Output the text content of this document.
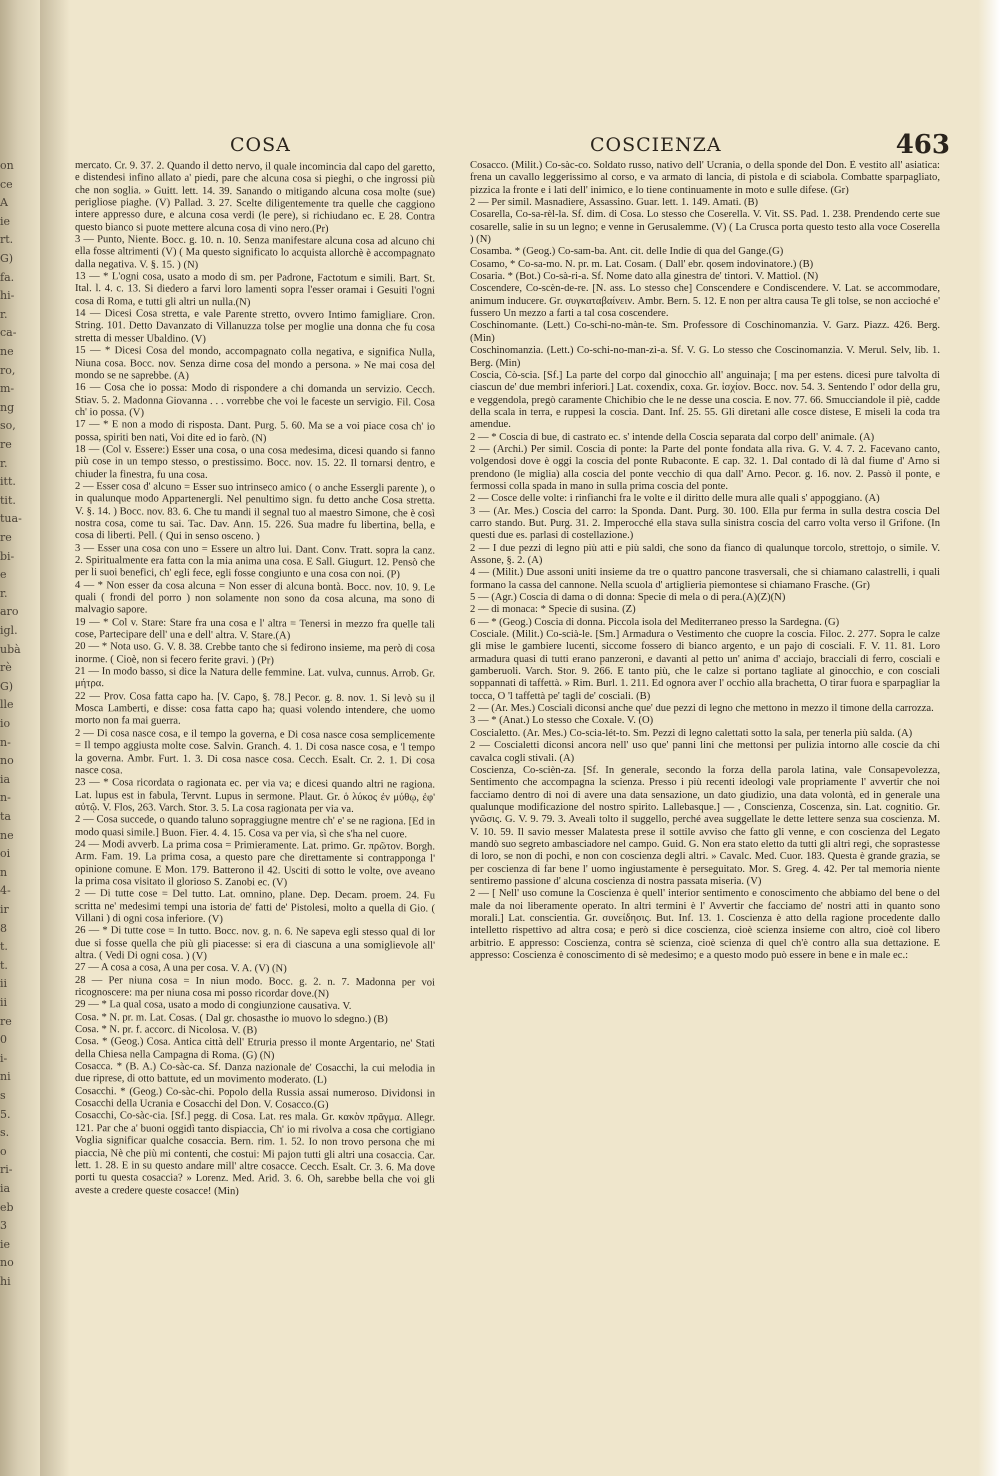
on
ce
A
ie
rt.
G)
fa.
hi-
r.
ca-
ne
ro,
m-
ng
so,
re
r.
itt.
tit.
tua-
re
bi-
e
r.
aro
igl.
ubà
rè
G)
lle
io
n-
no
ia
n-
ta
ne
oi
n
4-
ir
8
t.
t.
ii
ii
re
0
i-
ni
s
5.
s.
o
ri-
ia
eb
3
ie
no
hi
COSA	COSCIENZA	463

mercato. Cr. 9. 37. 2. Quando il detto nervo, il quale incomincia dal capo del garetto, e distendesi infino allato a' piedi, pare che alcuna cosa si pieghi, o che ingrossi più che non soglia. » Guitt. lett. 14. 39. Sanando o mitigando alcuna cosa molte (sue) perigliose piaghe. (V) Pallad. 3. 27. Scelte diligentemente tra quelle che caggiono intere appresso dure, e alcuna cosa verdi (le pere), si richiudano ec. E 28. Contra questo bianco si puote mettere alcuna cosa di vino nero.(Pr)

3 — Punto, Niente. Bocc. g. 10. n. 10. Senza manifestare alcuna cosa ad alcuno chi ella fosse altrimenti (V) ( Ma questo significato lo acquista allorchè è accompagnato dalla negativa. V. §. 15. ) (N)

13 — * L'ogni cosa, usato a modo di sm. per Padrone, Factotum e simili. Bart. St. Ital. l. 4. c. 13. Si diedero a farvi loro lamenti sopra l'esser oramai i Gesuiti l'ogni cosa di Roma, e tutti gli altri un nulla.(N)

14 — Dicesi Cosa stretta, e vale Parente stretto, ovvero Intimo famigliare. Cron. String. 101. Detto Davanzato di Villanuzza tolse per moglie una donna che fu cosa stretta di messer Ubaldino. (V)

15 — * Dicesi Cosa del mondo, accompagnato colla negativa, e significa Nulla, Niuna cosa. Bocc. nov. Senza dirne cosa del mondo a persona. » Ne mai cosa del mondo se ne saprebbe. (A)

16 — Cosa che io possa: Modo di rispondere a chi domanda un servizio. Cecch. Stiav. 5. 2. Madonna Giovanna . . . vorrebbe che voi le faceste un servigio. Fil. Cosa ch' io possa. (V)

17 — * E non a modo di risposta. Dant. Purg. 5. 60. Ma se a voi piace cosa ch' io possa, spiriti ben nati, Voi dite ed io farò. (N)

18 — (Col v. Essere:) Esser una cosa, o una cosa medesima, dicesi quando si fanno più cose in un tempo stesso, o prestissimo. Bocc. nov. 15. 22. Il tornarsi dentro, e chiuder la finestra, fu una cosa.

2 — Esser cosa d' alcuno = Esser suo intrinseco amico ( o anche Essergli parente ), o in qualunque modo Appartenergli. Nel penultimo sign. fu detto anche Cosa stretta. V. §. 14. ) Bocc. nov. 83. 6. Che tu mandi il segnal tuo al maestro Simone, che è così nostra cosa, come tu sai. Tac. Dav. Ann. 15. 226. Sua madre fu libertina, bella, e cosa di liberti. Pell. ( Qui in senso osceno. )

3 — Esser una cosa con uno = Essere un altro lui. Dant. Conv. Tratt. sopra la canz. 2. Spiritualmente era fatta con la mia anima una cosa. E Sall. Giugurt. 12. Pensò che per li suoi benefici, ch' egli fece, egli fosse congiunto e una cosa con noi. (P)

4 — * Non esser da cosa alcuna = Non esser di alcuna bontà. Bocc. nov. 10. 9. Le quali ( frondi del porro ) non solamente non sono da cosa alcuna, ma sono di malvagio sapore.

19 — * Col v. Stare: Stare fra una cosa e l' altra = Tenersi in mezzo fra quelle tali cose, Partecipare dell' una e dell' altra. V. Stare.(A)

20 — * Nota uso. G. V. 8. 38. Crebbe tanto che si fedirono insieme, ma però di cosa inorme. ( Cioè, non si fecero ferite gravi. ) (Pr)

21 — In modo basso, si dice la Natura delle femmine. Lat. vulva, cunnus. Arrob. Gr. μήτρα.

22 — Prov. Cosa fatta capo ha. [V. Capo, §. 78.] Pecor. g. 8. nov. 1. Si levò su il Mosca Lamberti, e disse: cosa fatta capo ha; quasi volendo intendere, che uomo morto non fa mai guerra.

2 — Di cosa nasce cosa, e il tempo la governa, e Di cosa nasce cosa semplicemente = Il tempo aggiusta molte cose. Salvin. Granch. 4. 1. Di cosa nasce cosa, e 'l tempo la governa. Ambr. Furt. 1. 3. Di cosa nasce cosa. Cecch. Esalt. Cr. 2. 1. Di cosa nasce cosa.

23 — * Cosa ricordata o ragionata ec. per via va; e dicesi quando altri ne ragiona. Lat. lupus est in fabula, Tervnt. Lupus in sermone. Plaut. Gr. ὁ λύκος ἐν μύθῳ, ἐφ' αὐτῷ. V. Flos, 263. Varch. Stor. 3. 5. La cosa ragionata per via va.

2 — Cosa succede, o quando taluno sopraggiugne mentre ch' e' se ne ragiona. [Ed in modo quasi simile.] Buon. Fier. 4. 4. 15. Cosa va per via, sì che s'ha nel cuore.

24 — Modi avverb. La prima cosa = Primieramente. Lat. primo. Gr. πρῶτον. Borgh. Arm. Fam. 19. La prima cosa, a questo pare che direttamente si contrapponga l' opinione comune. E Mon. 179. Batterono il 42. Usciti di sotto le volte, ove aveano la prima cosa visitato il glorioso S. Zanobi ec. (V)

2 — Di tutte cose = Del tutto. Lat. omnino, plane. Dep. Decam. proem. 24. Fu scritta ne' medesimi tempi una istoria de' fatti de' Pistolesi, molto a quella di Gio. ( Villani ) di ogni cosa inferiore. (V)

26 — * Di tutte cose = In tutto. Bocc. nov. g. n. 6. Ne sapeva egli stesso qual di lor due si fosse quella che più gli piacesse: si era di ciascuna a una somiglievole all' altra. ( Vedi Di ogni cosa. ) (V)

27 — A cosa a cosa, A una per cosa. V. A. (V) (N)

28 — Per niuna cosa = In niun modo. Bocc. g. 2. n. 7. Madonna per voi ricognoscere: ma per niuna cosa mi posso ricordar dove.(N)

29 — * La qual cosa, usato a modo di congiunzione causativa. V.

Cosa. * N. pr. m. Lat. Cosas. ( Dal gr. chosasthe io muovo lo sdegno.) (B)

Cosa. * N. pr. f. accorc. di Nicolosa. V. (B)

Cosa. * (Geog.) Cosa. Antica città dell' Etruria presso il monte Argentario, ne' Stati della Chiesa nella Campagna di Roma. (G) (N)

Cosacca. * (B. A.) Co-sàc-ca. Sf. Danza nazionale de' Cosacchi, la cui melodia in due riprese, di otto battute, ed un movimento moderato. (L)

Cosacchi. * (Geog.) Co-sàc-chi. Popolo della Russia assai numeroso. Dividonsi in Cosacchi della Ucrania e Cosacchi del Don. V. Cosacco.(G)

Cosacchi, Co-sàc-cia. [Sf.] pegg. di Cosa. Lat. res mala. Gr. κακὸν πρᾶγμα. Allegr. 121. Par che a' buoni oggidì tanto dispiaccia, Ch' io mi rivolva a cosa che cortigiano Voglia significar qualche cosaccia. Bern. rim. 1. 52. Io non trovo persona che mi piaccia, Nè che più mi contenti, che costui: Mi pajon tutti gli altri una cosaccia. Car. lett. 1. 28. E in su questo andare mill' altre cosacce. Cecch. Esalt. Cr. 3. 6. Ma dove porti tu questa cosaccia? » Lorenz. Med. Arid. 3. 6. Oh, sarebbe bella che voi gli aveste a credere queste cosacce! (Min)

Cosacco. (Milit.) Co-sàc-co. Soldato russo, nativo dell' Ucrania, o della sponde del Don. È vestito all' asiatica: frena un cavallo leggerissimo al corso, e va armato di lancia, di pistola e di sciabola. Combatte sparpagliato, pizzica la fronte e i lati dell' inimico, e lo tiene continuamente in moto e sulle difese. (Gr)

2 — Per simil. Masnadiere, Assassino. Guar. lett. 1. 149. Amati. (B)

Cosarella, Co-sa-rèl-la. Sf. dim. di Cosa. Lo stesso che Coserella. V. Vit. SS. Pad. 1. 238. Prendendo certe sue cosarelle, salie in su un legno; e venne in Gerusalemme. (V) ( La Crusca porta questo testo alla voce Coserella ) (N)

Cosamba. * (Geog.) Co-sam-ba. Ant. cit. delle Indie di qua del Gange.(G)

Cosamo, * Co-sa-mo. N. pr. m. Lat. Cosam. ( Dall' ebr. qosem indovinatore.) (B)

Cosaria. * (Bot.) Co-sà-ri-a. Sf. Nome dato alla ginestra de' tintori. V. Mattiol. (N)

Coscendere, Co-scèn-de-re. [N. ass. Lo stesso che] Conscendere e Condiscendere. V. Lat. se accommodare, animum inducere. Gr. συγκαταβαίνειν. Ambr. Bern. 5. 12. E non per altra causa Te gli tolse, se non accioché e' fussero Un mezzo a farti a tal cosa coscendere.

Coschinomante. (Lett.) Co-schi-no-màn-te. Sm. Professore di Coschinomanzia. V. Garz. Piazz. 426. Berg. (Min)

Coschinomanzia. (Lett.) Co-schi-no-man-zì-a. Sf. V. G. Lo stesso che Coscinomanzia. V. Merul. Selv, lib. 1. Berg. (Min)

Coscia, Cò-scia. [Sf.] La parte del corpo dal ginocchio all' anguinaja; [ ma per estens. dicesi pure talvolta di ciascun de' due membri inferiori.] Lat. coxendix, coxa. Gr. ἰσχίον. Bocc. nov. 54. 3. Sentendo l' odor della gru, e veggendola, pregò caramente Chichibio che le ne desse una coscia. E nov. 77. 66. Smucciandole il piè, cadde della scala in terra, e ruppesi la coscia. Dant. Inf. 25. 55. Gli diretani alle cosce distese, E miseli la coda tra amendue.

2 — * Coscia di bue, di castrato ec. s' intende della Coscia separata dal corpo dell' animale. (A)

2 — (Archi.) Per simil. Coscia di ponte: la Parte del ponte fondata alla riva. G. V. 4. 7. 2. Facevano canto, volgendosi dove è oggi la coscia del ponte Rubaconte. E cap. 32. 1. Dal contado di là dal fiume d' Arno si prendono (le miglia) alla coscia del ponte vecchio di qua dall' Arno. Pecor. g. 16. nov. 2. Passò il ponte, e fermossi colla spada in mano in sulla prima coscia del ponte.

2 — Cosce delle volte: i rinfianchi fra le volte e il diritto delle mura alle quali s' appoggiano. (A)

3 — (Ar. Mes.) Coscia del carro: la Sponda. Dant. Purg. 30. 100. Ella pur ferma in sulla destra coscia Del carro stando. But. Purg. 31. 2. Imperocché ella stava sulla sinistra coscia del carro volta verso il Grifone. (In questi due es. parlasi di costellazione.)

2 — I due pezzi di legno più atti e più saldi, che sono da fianco di qualunque torcolo, strettojo, o simile. V. Assone, §. 2. (A)

4 — (Milit.) Due assoni uniti insieme da tre o quattro pancone trasversali, che si chiamano calastrelli, i quali formano la cassa del cannone. Nella scuola d' artiglieria piemontese si chiamano Frasche. (Gr)

5 — (Agr.) Coscia di dama o di donna: Specie di mela o di pera.(A)(Z)(N)

2 — di monaca: * Specie di susina. (Z)

6 — * (Geog.) Coscia di donna. Piccola isola del Mediterraneo presso la Sardegna. (G)

Cosciale. (Milit.) Co-scià-le. [Sm.] Armadura o Vestimento che cuopre la coscia. Filoc. 2. 277. Sopra le calze gli mise le gambiere lucenti, siccome fossero di bianco argento, e un pajo di cosciali. F. V. 11. 81. Loro armadura quasi di tutti erano panzeroni, e davanti al petto un' anima d' acciajo, bracciali di ferro, cosciali e gamberuoli. Varch. Stor. 9. 266. E tanto più, che le calze si portano tagliate al ginocchio, e con cosciali soppannati di taffettà. » Rim. Burl. 1. 211. Ed ognora aver l' occhio alla brachetta, O tirar fuora e sparpagliar la tocca, O 'l taffettà pe' tagli de' cosciali. (B)

2 — (Ar. Mes.) Cosciali diconsi anche que' due pezzi di legno che mettono in mezzo il timone della carrozza.

3 — * (Anat.) Lo stesso che Coxale. V. (O)

Coscialetto. (Ar. Mes.) Co-scia-lét-to. Sm. Pezzi di legno calettati sotto la sala, per tenerla più salda. (A)

2 — Coscialetti diconsi ancora nell' uso que' panni lini che mettonsi per pulizia intorno alle coscie da chi cavalca cogli stivali. (A)

Coscienza, Co-scièn-za. [Sf. In generale, secondo la forza della parola latina, vale Consapevolezza, Sentimento che accompagna la scienza. Presso i più recenti ideologi vale propriamente l' avvertir che noi facciamo dentro di noi di avere una data sensazione, un dato giudizio, una data volontà, ed in generale una qualunque modificazione del nostro spirito. Lallebasque.] — , Conscienza, Coscenza, sin. Lat. cognitio. Gr. γνῶσις. G. V. 9. 79. 3. Avealì tolto il suggello, perché avea suggellate le dette lettere senza sua coscienza. M. V. 10. 59. Il savio messer Malatesta prese il sottile avviso che fatto gli venne, e con coscienza del Legato mandò suo segreto ambasciadore nel campo. Guid. G. Non era stato eletto da tutti gli altri regi, che soprastesse di loro, se non di pochi, e non con coscienza degli altri. » Cavalc. Med. Cuor. 183. Questa è grande grazia, se per coscienza di far bene l' uomo ingiustamente è perseguitato. Mor. S. Greg. 4. 42. Per tal memoria niente sentiremo passione d' alcuna coscienza di nostra passata miseria. (V)

2 — [ Nell' uso comune la Coscienza è quell' interior sentimento e conoscimento che abbiamo del bene o del male da noi liberamente operato. In altri termini è l' Avvertir che facciamo de' nostri atti in quanto sono morali.] Lat. conscientia. Gr. συνείδησις. But. Inf. 13. 1. Coscienza è atto della ragione procedente dallo intelletto rispettivo ad altra cosa; e però si dice coscienza, cioè scienza insieme con altro, cioè col libero arbitrio. E appresso: Coscienza, contra sè scienza, cioè scienza di quel ch'è contro alla sua dettazione. E appresso: Coscienza è conoscimento di sè medesimo; e a questo modo può essere in bene e in male ec.:
